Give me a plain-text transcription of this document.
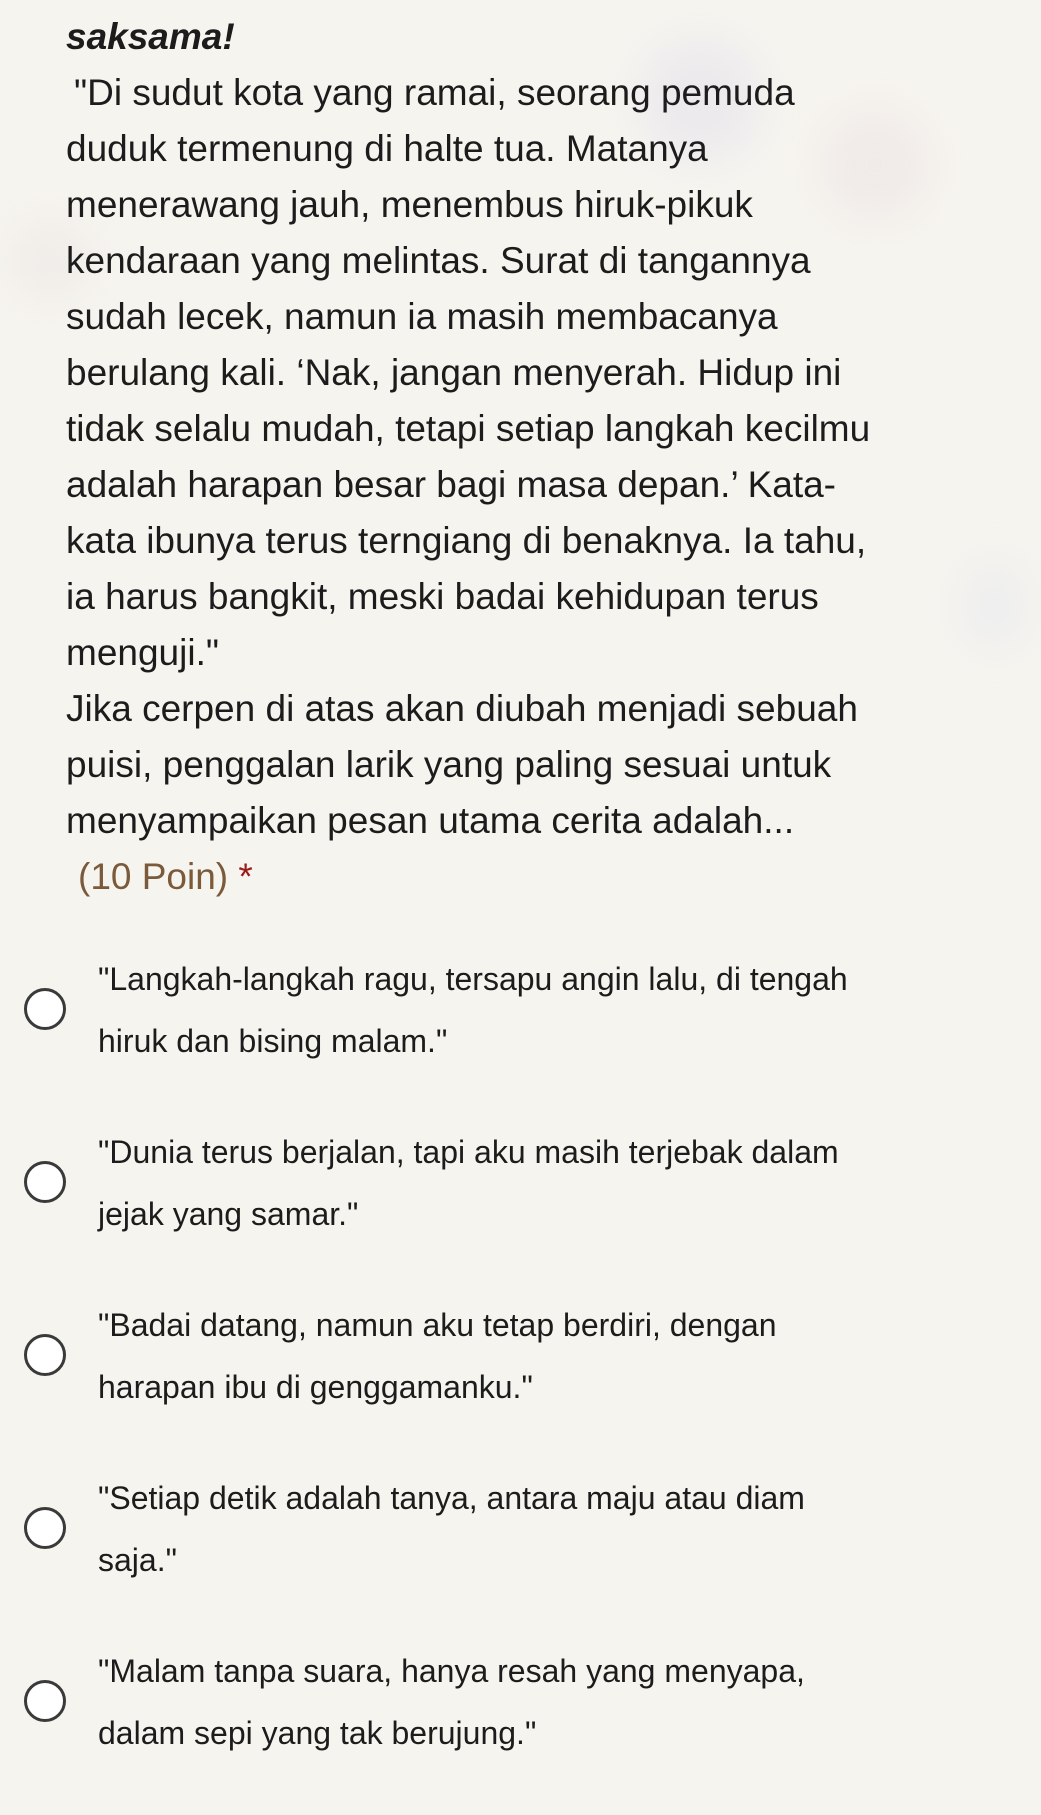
saksama!

"Di sudut kota yang ramai, seorang pemuda

duduk termenung di halte tua. Matanya

menerawang jauh, menembus hiruk-pikuk

kendaraan yang melintas. Surat di tangannya

sudah lecek, namun ia masih membacanya

berulang kali. ‘Nak, jangan menyerah. Hidup ini

tidak selalu mudah, tetapi setiap langkah kecilmu

adalah harapan besar bagi masa depan.’ Kata-

kata ibunya terus terngiang di benaknya. Ia tahu,

ia harus bangkit, meski badai kehidupan terus

menguji."

Jika cerpen di atas akan diubah menjadi sebuah

puisi, penggalan larik yang paling sesuai untuk

menyampaikan pesan utama cerita adalah...

(10 Poin) *

"Langkah-langkah ragu, tersapu angin lalu, di tengah
hiruk dan bising malam."

"Dunia terus berjalan, tapi aku masih terjebak dalam
jejak yang samar."

"Badai datang, namun aku tetap berdiri, dengan
harapan ibu di genggamanku."

"Setiap detik adalah tanya, antara maju atau diam
saja."

"Malam tanpa suara, hanya resah yang menyapa,
dalam sepi yang tak berujung."
